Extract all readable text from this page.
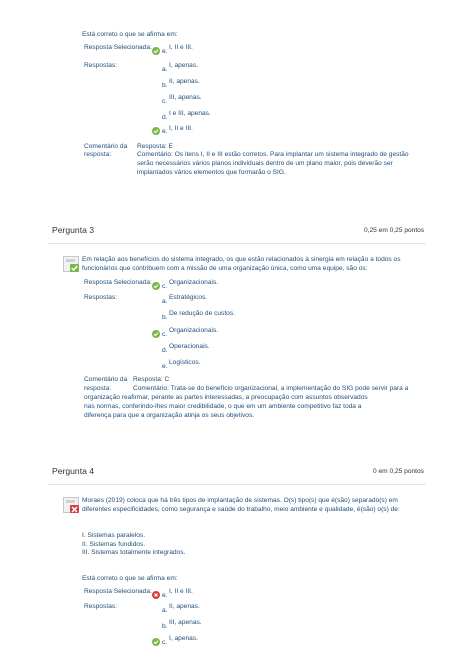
Está correto o que se afirma em:
Resposta Selecionada:
e.
I, II e III.
Respostas:
a.
I, apenas.
b.
II, apenas.
c.
III, apenas.
d.
I e III, apenas.
e. I, II e III.
Comentário da
resposta:
Resposta: E
Comentário: Os itens I, II e III estão corretos. Para implantar um sistema integrado de gestão
serão necessários vários planos individuais dentro de um plano maior, pois deverão ser
implantados vários elementos que formarão o SIG.
Pergunta 3	0,25 em 0,25 pontos
Em relação aos benefícios do sistema integrado, os que estão relacionados à sinergia em relação a todos os
funcionários que contribuem com a missão de uma organização única, como uma equipe, são os:
Resposta Selecionada:
c.
Organizacionais.
Respostas:
a.
Estratégicos.
b.
De redução de custos.
c.
Organizacionais.
d.
Operacionais.
e.
Logísticos.
Comentário da
resposta:
Resposta: C
Comentário: Trata-se do benefício organizacional, a implementação do SIG pode servir para a
organização reafirmar, perante as partes interessadas, a preocupação com assuntos observados
nas normas, conferindo-lhes maior credibilidade, o que em um ambiente competitivo faz toda a
diferença para que a organização atinja os seus objetivos.
Pergunta 4	0 em 0,25 pontos
Moraes (2019) coloca que há três tipos de implantação de sistemas. O(s) tipo(s) que é(são) separado(s) em
diferentes especificidades, como segurança e saúde do trabalho, meio ambiente e qualidade, é(são) o(s) de:
I. Sistemas paralelos.
II. Sistemas fundidos.
III. Sistemas totalmente integrados.
Está correto o que se afirma em:
Resposta Selecionada:
e.
I, II e III.
Respostas:
a.
II, apenas.
b.
III, apenas.
c.
I, apenas.
